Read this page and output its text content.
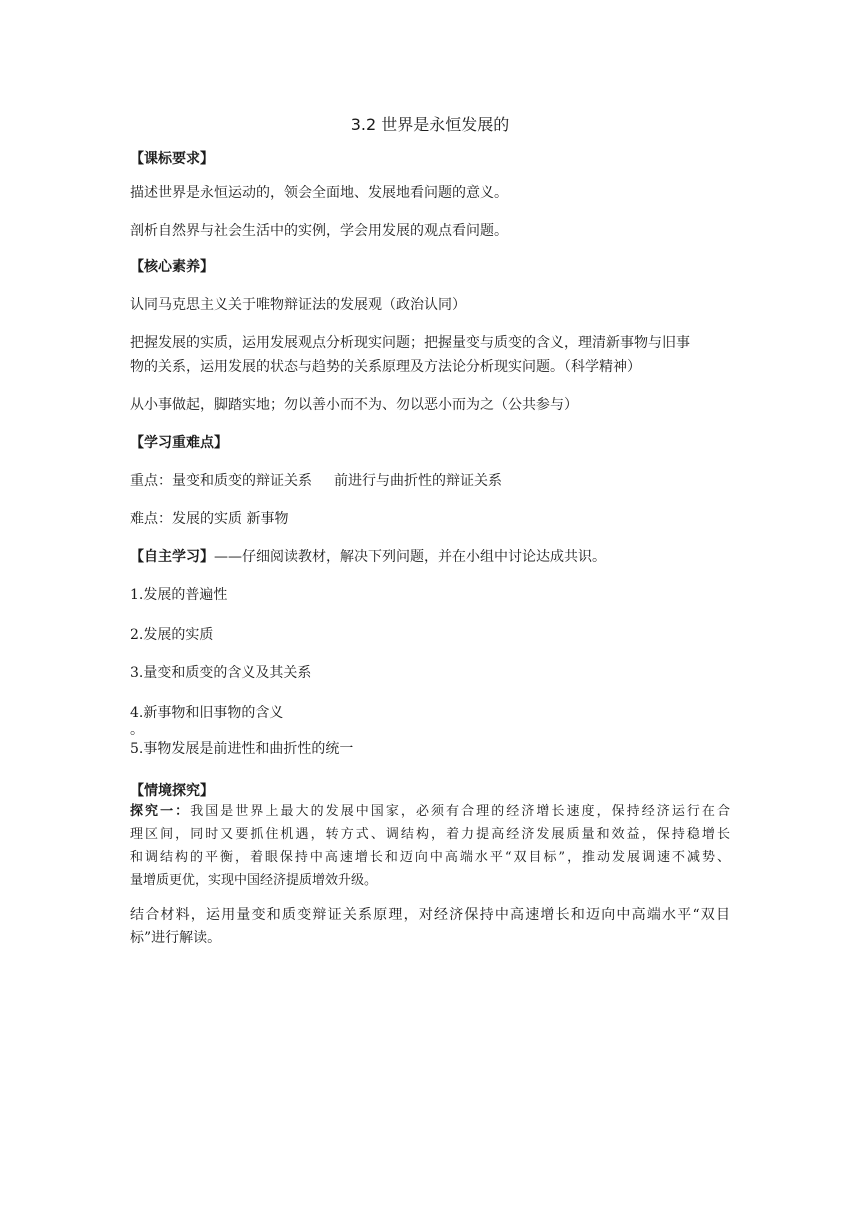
3.2 世界是永恒发展的
【课标要求】
描述世界是永恒运动的，领会全面地、发展地看问题的意义。
剖析自然界与社会生活中的实例，学会用发展的观点看问题。
【核心素养】
认同马克思主义关于唯物辩证法的发展观（政治认同）
把握发展的实质，运用发展观点分析现实问题；把握量变与质变的含义，理清新事物与旧事
物的关系，运用发展的状态与趋势的关系原理及方法论分析现实问题。（科学精神）
从小事做起，脚踏实地；勿以善小而不为、勿以恶小而为之（公共参与）
【学习重难点】
重点：量变和质变的辩证关系 前进行与曲折性的辩证关系
难点：发展的实质 新事物
【自主学习】——仔细阅读教材，解决下列问题，并在小组中讨论达成共识。
1.发展的普遍性
2.发展的实质
3.量变和质变的含义及其关系
4.新事物和旧事物的含义
。
5.事物发展是前进性和曲折性的统一
【情境探究】
探究一：我国是世界上最大的发展中国家，必须有合理的经济增长速度，保持经济运行在合
理区间，同时又要抓住机遇，转方式、调结构，着力提高经济发展质量和效益，保持稳增长
和调结构的平衡，着眼保持中高速增长和迈向中高端水平“双目标”，推动发展调速不减势、
量增质更优，实现中国经济提质增效升级。
结合材料，运用量变和质变辩证关系原理，对经济保持中高速增长和迈向中高端水平“双目
标”进行解读。
